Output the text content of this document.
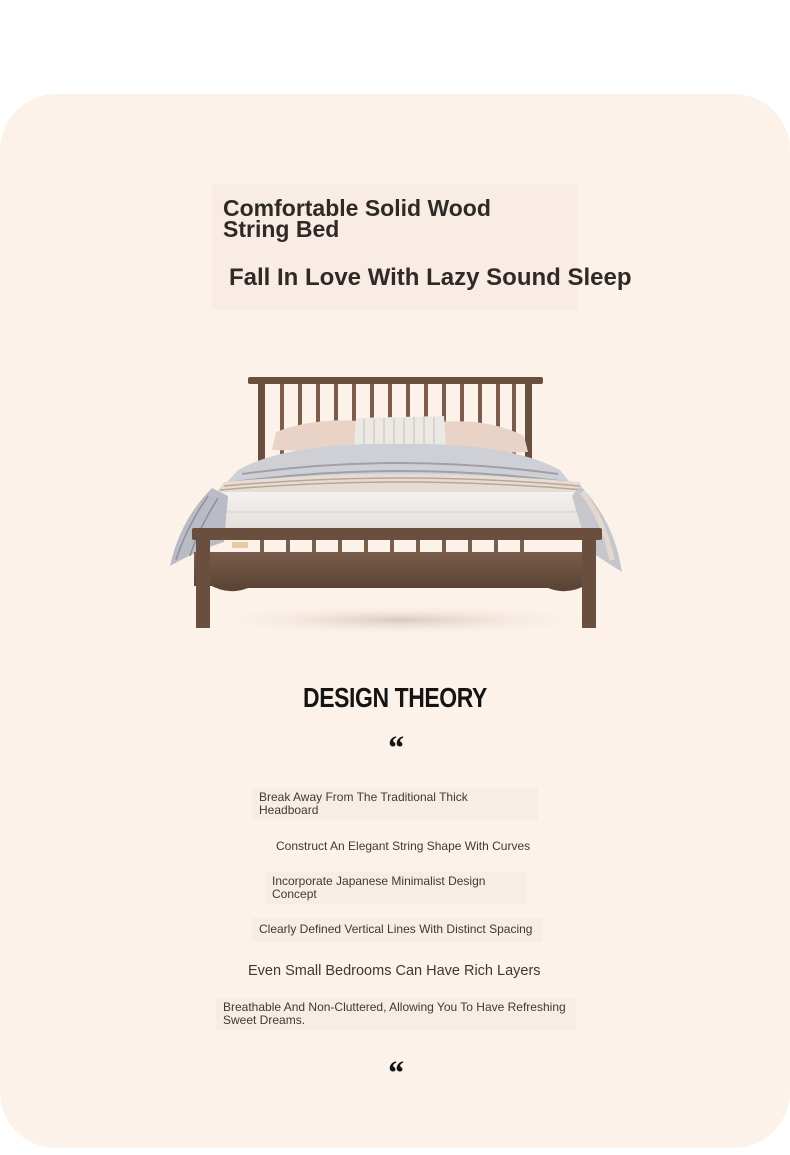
Comfortable Solid Wood String Bed
Fall In Love With Lazy Sound Sleep
DESIGN THEORY
“
Break Away From The Traditional Thick Headboard
Construct An Elegant String Shape With Curves
Incorporate Japanese Minimalist Design Concept
Clearly Defined Vertical Lines With Distinct Spacing
Even Small Bedrooms Can Have Rich Layers
Breathable And Non-Cluttered, Allowing You To Have Refreshing Sweet Dreams.
“
